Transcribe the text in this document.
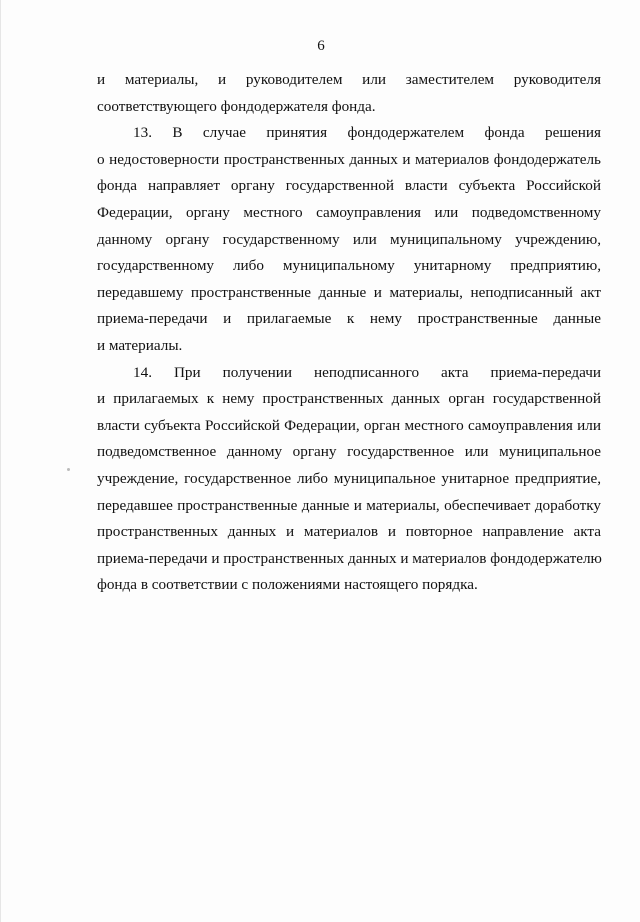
6
и материалы, и руководителем или заместителем руководителя
соответствующего фондодержателя фонда.
13. В случае принятия фондодержателем фонда решения
о недостоверности пространственных данных и материалов фондодержатель
фонда направляет органу государственной власти субъекта Российской
Федерации, органу местного самоуправления или подведомственному
данному органу государственному или муниципальному учреждению,
государственному либо муниципальному унитарному предприятию,
передавшему пространственные данные и материалы, неподписанный акт
приема-передачи и прилагаемые к нему пространственные данные
и материалы.
14. При получении неподписанного акта приема-передачи
и прилагаемых к нему пространственных данных орган государственной
власти субъекта Российской Федерации, орган местного самоуправления или
подведомственное данному органу государственное или муниципальное
учреждение, государственное либо муниципальное унитарное предприятие,
передавшее пространственные данные и материалы, обеспечивает доработку
пространственных данных и материалов и повторное направление акта
приема-передачи и пространственных данных и материалов фондодержателю
фонда в соответствии с положениями настоящего порядка.
